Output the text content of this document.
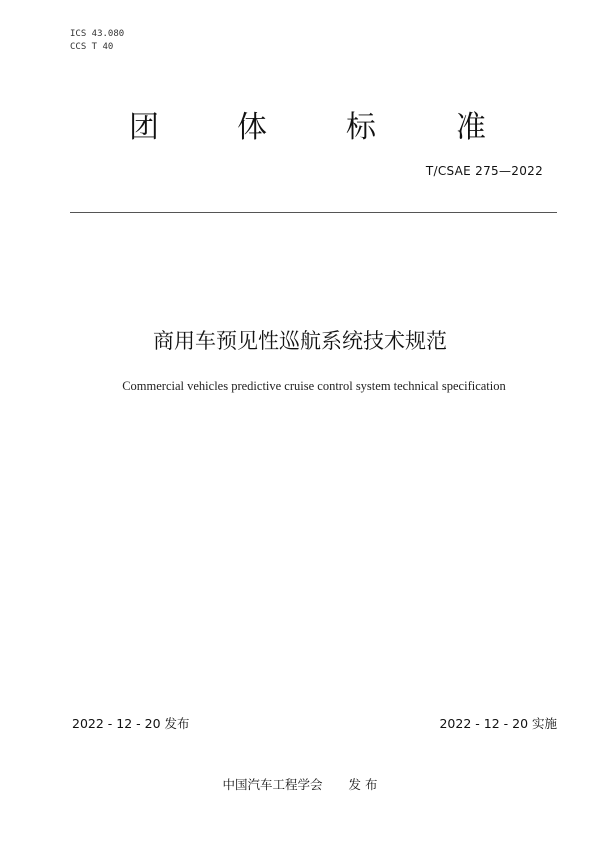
ICS 43.080
CCS T 40
团	体	标	准
T/CSAE 275—2022
商用车预见性巡航系统技术规范
Commercial vehicles predictive cruise control system technical specification
2022 - 12 - 20 发布	2022 - 12 - 20 实施
中国汽车工程学会 发 布
